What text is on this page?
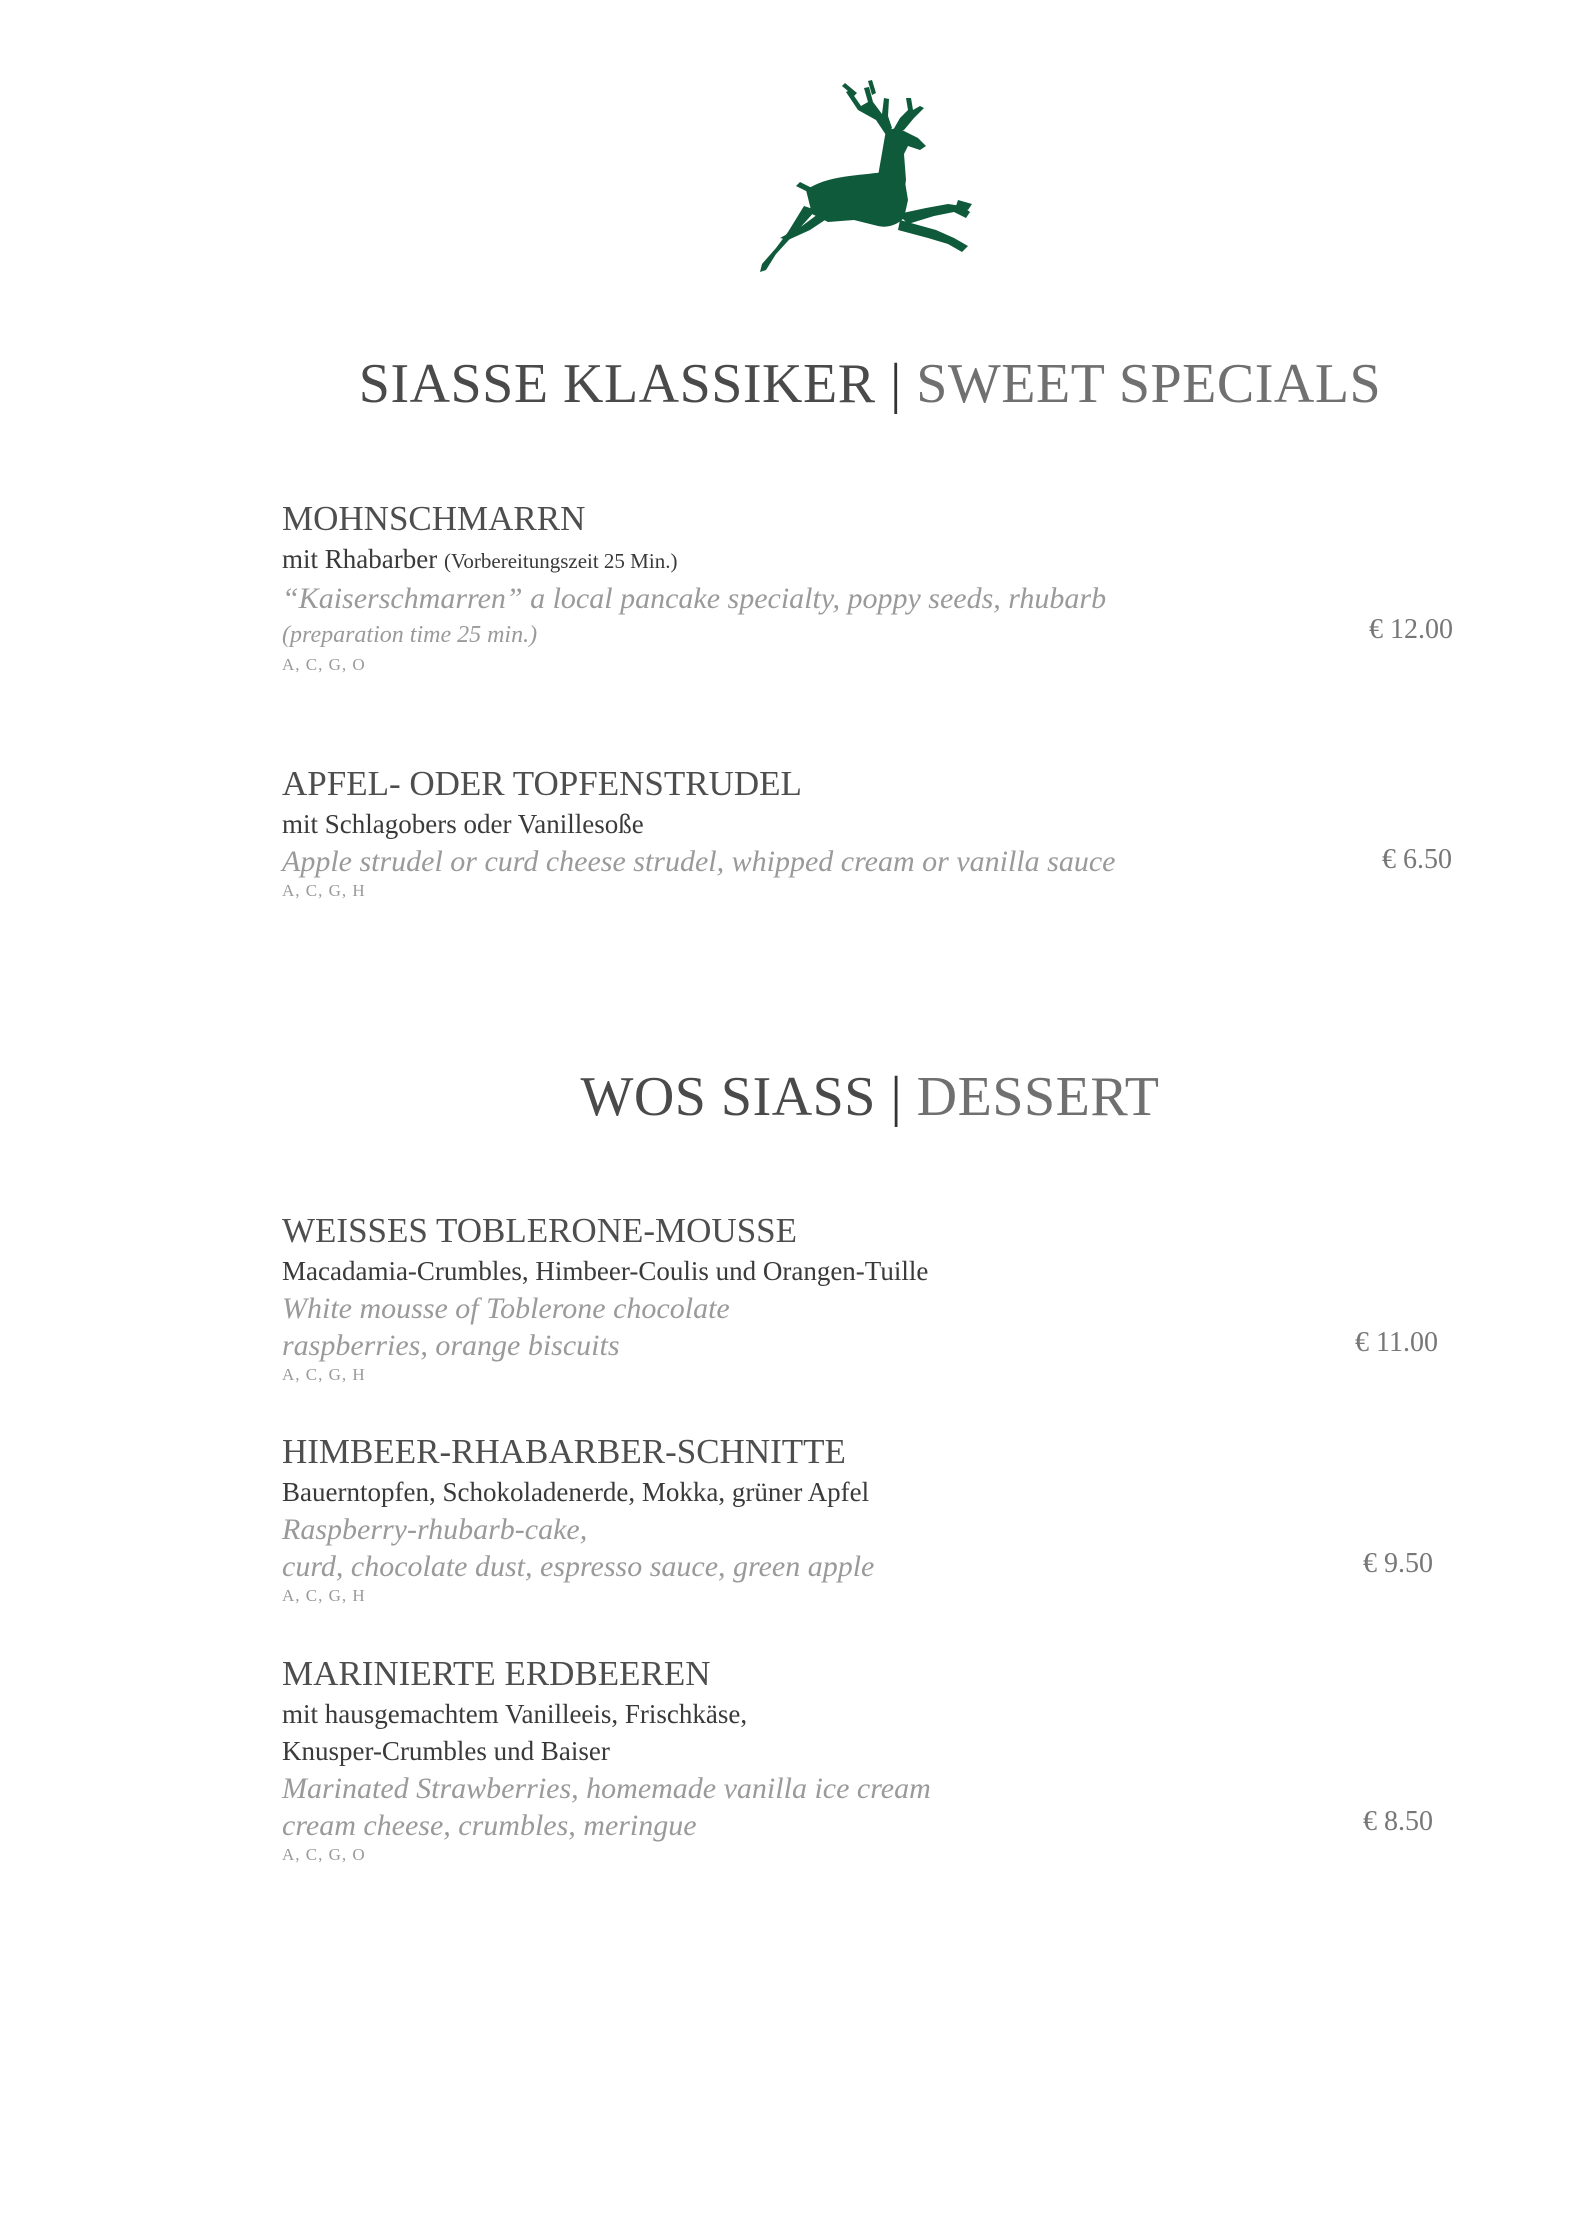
SIASSE KLASSIKER | SWEET SPECIALS
MOHNSCHMARRN
mit Rhabarber (Vorbereitungszeit 25 Min.)
“Kaiserschmarren” a local pancake specialty, poppy seeds, rhubarb
(preparation time 25 min.)
A, C, G, O
€ 12.00
APFEL- ODER TOPFENSTRUDEL
mit Schlagobers oder Vanillesoße
Apple strudel or curd cheese strudel, whipped cream or vanilla sauce
A, C, G, H
€ 6.50
WOS SIASS | DESSERT
WEISSES TOBLERONE-MOUSSE
Macadamia-Crumbles, Himbeer-Coulis und Orangen-Tuille
White mousse of Toblerone chocolate
raspberries, orange biscuits
A, C, G, H
€ 11.00
HIMBEER-RHABARBER-SCHNITTE
Bauerntopfen, Schokoladenerde, Mokka, grüner Apfel
Raspberry-rhubarb-cake,
curd, chocolate dust, espresso sauce, green apple
A, C, G, H
€ 9.50
MARINIERTE ERDBEEREN
mit hausgemachtem Vanilleeis, Frischkäse,
Knusper-Crumbles und Baiser
Marinated Strawberries, homemade vanilla ice cream
cream cheese, crumbles, meringue
A, C, G, O
€ 8.50
